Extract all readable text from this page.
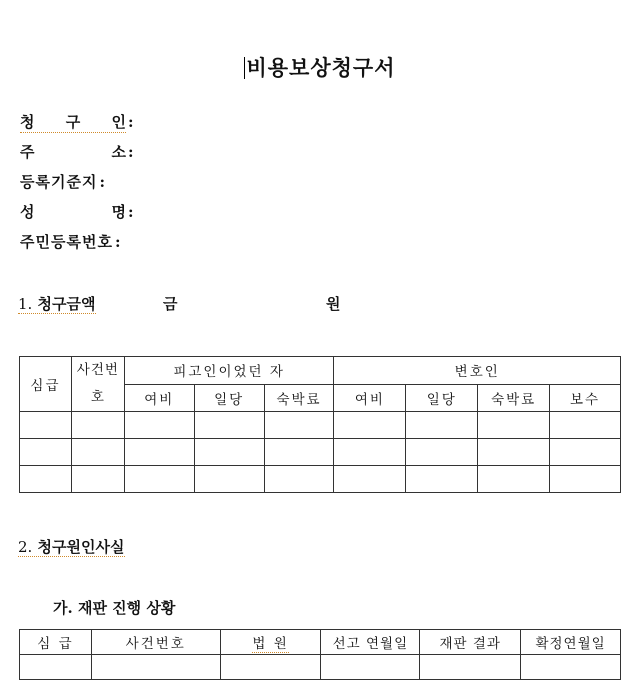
비용보상청구서
청 구 인 :
주	소 :
등록기준지 :
성	명 :
주민등록번호 :
1. 청구금액	금	원
심급	사건번호	피고인이었던 자			변호인			
		여비	일당	숙박료	여비	일당	숙박료	보수

2. 청구원인사실
가. 재판 진행 상황
심 급	사건번호	법 원	선고 연월일	재판 결과	확정연월일
